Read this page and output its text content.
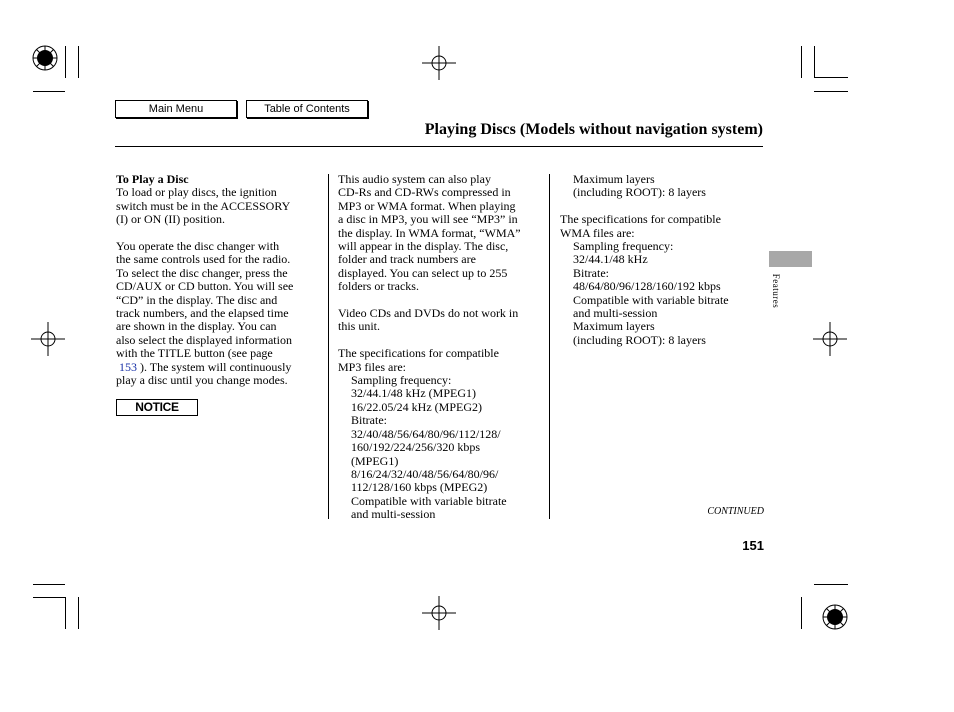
Main Menu	Table of Contents
Playing Discs (Models without navigation system)

To Play a Disc

To load or play discs, the ignition

switch must be in the ACCESSORY

(I) or ON (II) position.

You operate the disc changer with

the same controls used for the radio.

To select the disc changer, press the

CD/AUX or CD button. You will see

“CD” in the display. The disc and

track numbers, and the elapsed time

are shown in the display. You can

also select the displayed information

with the TITLE button (see page

153 ). The system will continuously

play a disc until you change modes.

NOTICE

This audio system can also play

CD-Rs and CD-RWs compressed in

MP3 or WMA format. When playing

a disc in MP3, you will see “MP3” in

the display. In WMA format, “WMA”

will appear in the display. The disc,

folder and track numbers are

displayed. You can select up to 255

folders or tracks.

Video CDs and DVDs do not work in

this unit.

The specifications for compatible

MP3 files are:

Sampling frequency:

32/44.1/48 kHz (MPEG1)

16/22.05/24 kHz (MPEG2)

Bitrate:

32/40/48/56/64/80/96/112/128/

160/192/224/256/320 kbps

(MPEG1)

8/16/24/32/40/48/56/64/80/96/

112/128/160 kbps (MPEG2)

Compatible with variable bitrate

and multi-session

Maximum layers

(including ROOT): 8 layers

The specifications for compatible

WMA files are:

Sampling frequency:

32/44.1/48 kHz

Bitrate:

48/64/80/96/128/160/192 kbps

Compatible with variable bitrate

and multi-session

Maximum layers

(including ROOT): 8 layers

Features
CONTINUED
151
